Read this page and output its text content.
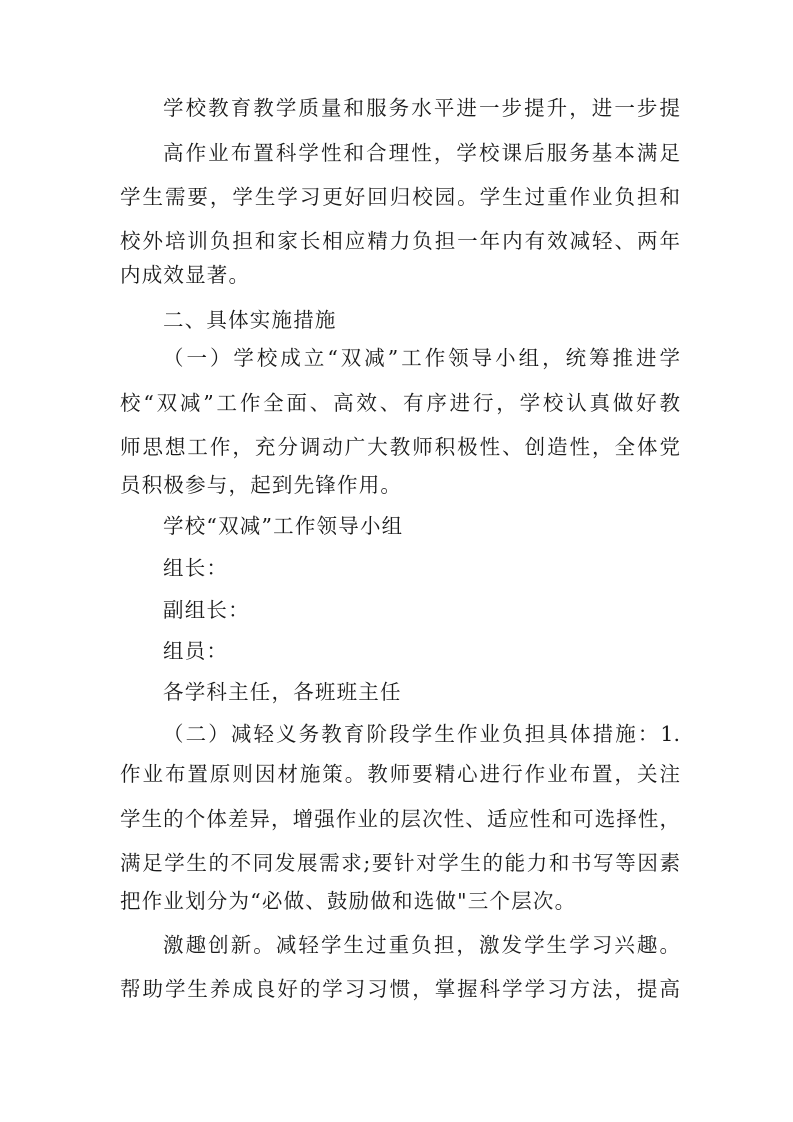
学校教育教学质量和服务水平进一步提升，进一步提
高作业布置科学性和合理性，学校课后服务基本满足
学生需要，学生学习更好回归校园。学生过重作业负担和
校外培训负担和家长相应精力负担一年内有效减轻、两年
内成效显著。
二、具体实施措施
（一）学校成立“双减”工作领导小组，统筹推进学
校“双减”工作全面、高效、有序进行，学校认真做好教
师思想工作，充分调动广大教师积极性、创造性，全体党
员积极参与，起到先锋作用。
学校“双减”工作领导小组
组长：
副组长：
组员：
各学科主任，各班班主任
（二）减轻义务教育阶段学生作业负担具体措施：1.
作业布置原则因材施策。教师要精心进行作业布置，关注
学生的个体差异，增强作业的层次性、适应性和可选择性，
满足学生的不同发展需求;要针对学生的能力和书写等因素
把作业划分为“必做、鼓励做和选做"三个层次。
激趣创新。减轻学生过重负担，激发学生学习兴趣。
帮助学生养成良好的学习习惯，掌握科学学习方法，提高
